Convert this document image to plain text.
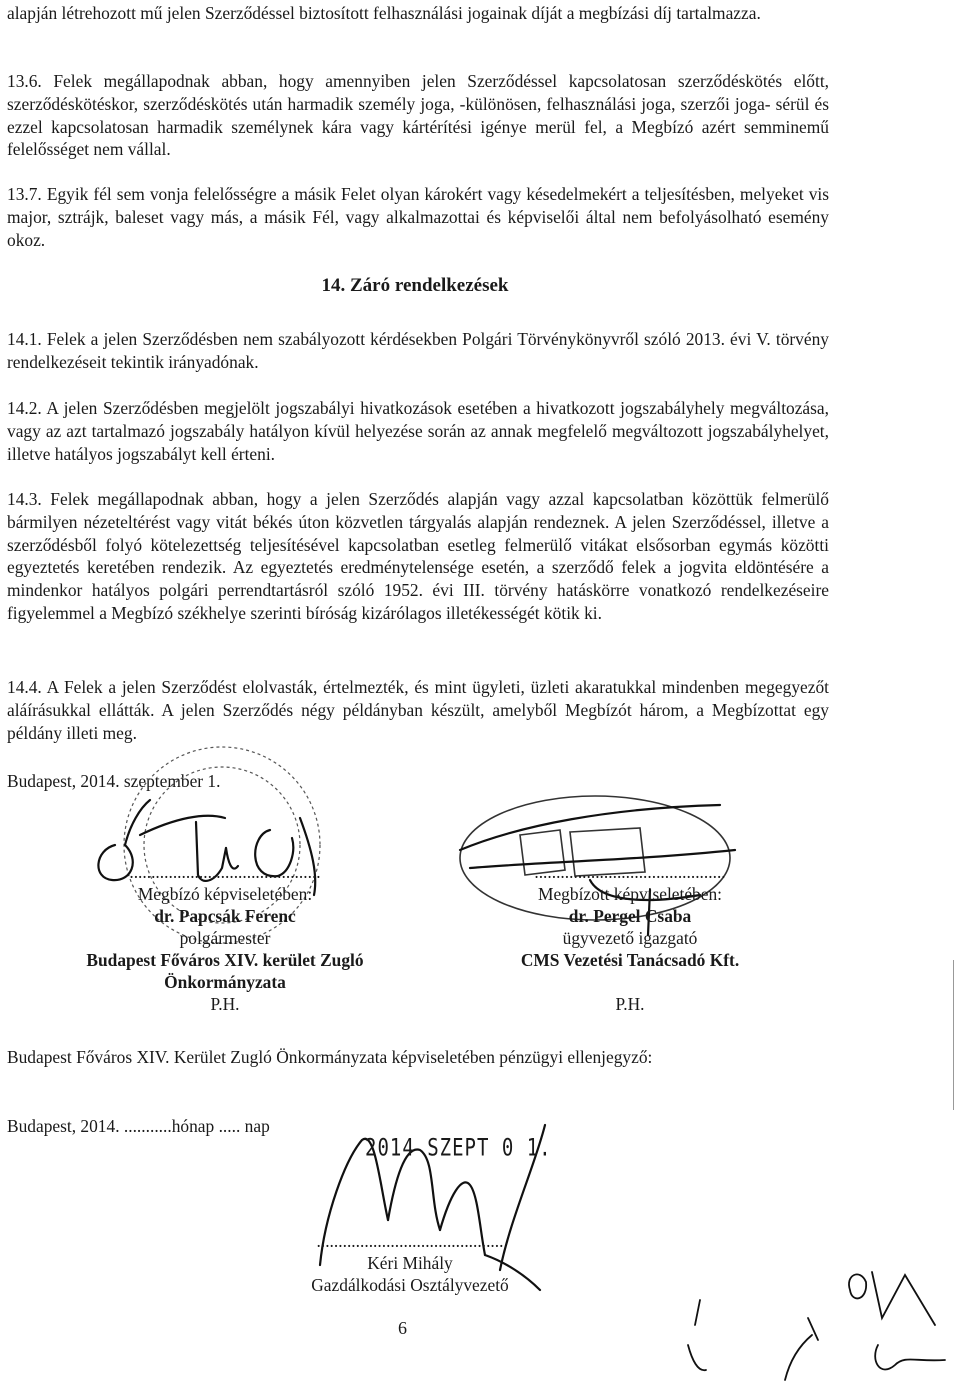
alapján létrehozott mű jelen Szerződéssel biztosított felhasználási jogainak díját a megbízási díj tartalmazza.
13.6. Felek megállapodnak abban, hogy amennyiben jelen Szerződéssel kapcsolatosan szerződéskötés előtt, szerződéskötéskor, szerződéskötés után harmadik személy joga, -különösen, felhasználási joga, szerzői joga- sérül és ezzel kapcsolatosan harmadik személynek kára vagy kártérítési igénye merül fel, a Megbízó azért semminemű felelősséget nem vállal.
13.7. Egyik fél sem vonja felelősségre a másik Felet olyan károkért vagy késedelmekért a teljesítésben, melyeket vis major, sztrájk, baleset vagy más, a másik Fél, vagy alkalmazottai és képviselői által nem befolyásolható esemény okoz.
14. Záró rendelkezések
14.1. Felek a jelen Szerződésben nem szabályozott kérdésekben Polgári Törvénykönyvről szóló 2013. évi V. törvény rendelkezéseit tekintik irányadónak.
14.2. A jelen Szerződésben megjelölt jogszabályi hivatkozások esetében a hivatkozott jogszabályhely megváltozása, vagy az azt tartalmazó jogszabály hatályon kívül helyezése során az annak megfelelő megváltozott jogszabályhelyet, illetve hatályos jogszabályt kell érteni.
14.3. Felek megállapodnak abban, hogy a jelen Szerződés alapján vagy azzal kapcsolatban közöttük felmerülő bármilyen nézeteltérést vagy vitát békés úton közvetlen tárgyalás alapján rendeznek. A jelen Szerződéssel, illetve a szerződésből folyó kötelezettség teljesítésével kapcsolatban esetleg felmerülő vitákat elsősorban egymás közötti egyeztetés keretében rendezik. Az egyeztetés eredménytelensége esetén, a szerződő felek a jogvita eldöntésére a mindenkor hatályos polgári perrendtartásról szóló 1952. évi III. törvény hatáskörre vonatkozó rendelkezéseire figyelemmel a Megbízó székhelye szerinti bíróság kizárólagos illetékességét kötik ki.
14.4. A Felek a jelen Szerződést elolvasták, értelmezték, és mint ügyleti, üzleti akaratukkal mindenben megegyezőt aláírásukkal ellátták. A jelen Szerződés négy példányban készült, amelyből Megbízót három, a Megbízottat egy példány illeti meg.
Budapest, 2014. szeptember 1.
............................................
Megbízó képviseletében:
dr. Papcsák Ferenc
polgármester
Budapest Főváros XIV. kerület Zugló
Önkormányzata
P.H.
............................................
Megbízott képviseletében:
dr. Pergel Csaba
ügyvezető igazgató
CMS Vezetési Tanácsadó Kft.

P.H.
Budapest Főváros XIV. Kerület Zugló Önkormányzata képviseletében pénzügyi ellenjegyző:
2014 SZEPT 0 1.
Budapest, 2014. ...........hónap ..... nap
...........................................
Kéri Mihály
Gazdálkodási Osztályvezető
6
